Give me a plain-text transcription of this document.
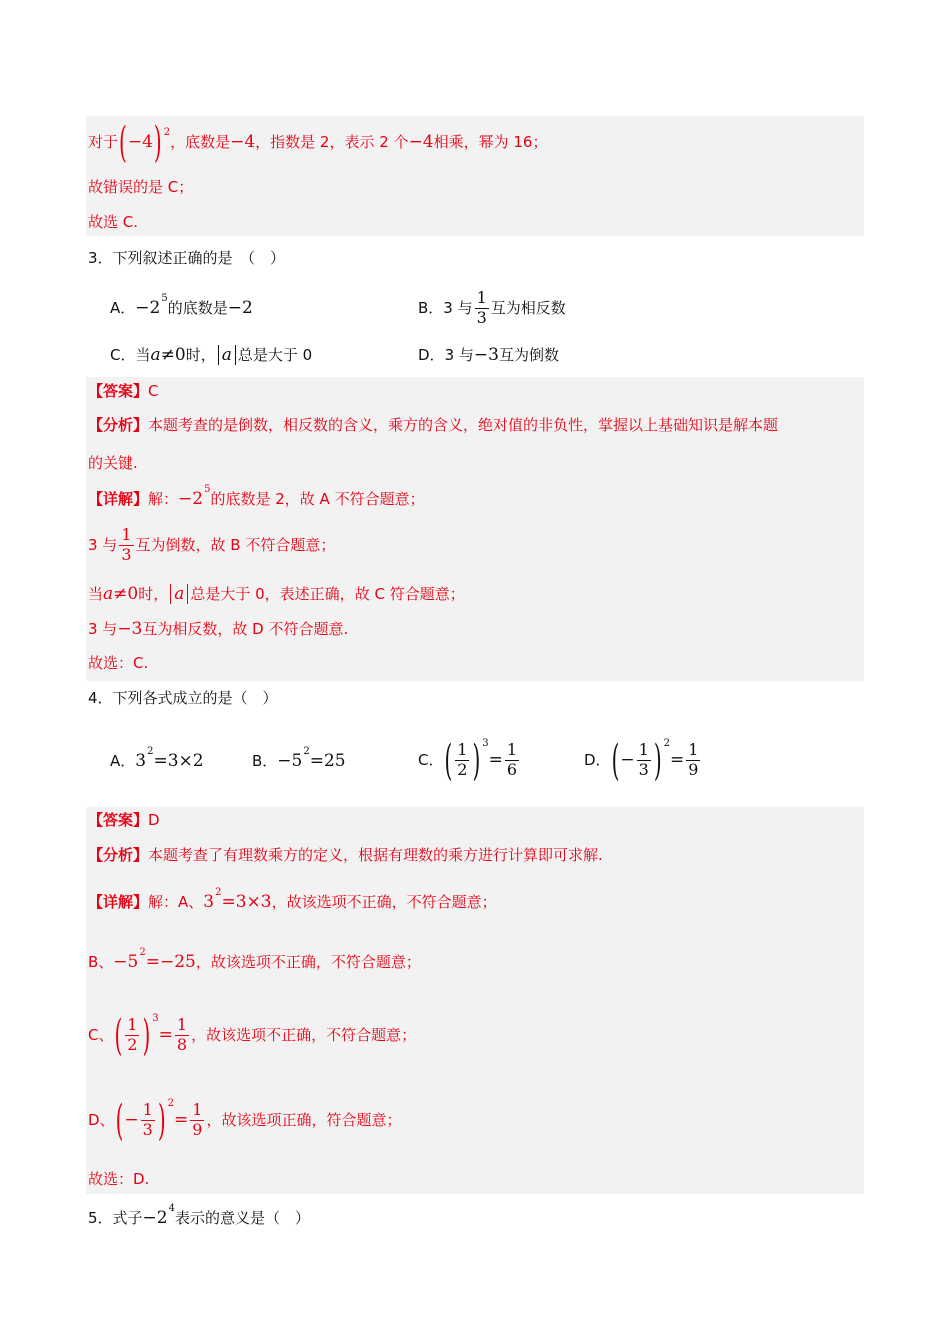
对于 ( −4 ) 2 ，底数是 −4 ，指数是 2，表示 2 个 −4 相乘，幂为 16；
故错误的是 C；
故选 C.
3．下列叙述正确的是　（　）
A． −2 5 的底数是 −2	B． 3 与 $\frac{1}{3}$ 互为相反数
C． 当 a ≠0 时， a 总是大于 0	D． 3 与 −3 互为倒数
【答案】 C
【分析】 本题考查的是倒数，相反数的含义，乘方的含义，绝对值的非负性，掌握以上基础知识是解本题
的关键.
【详解】 解： −2 5 的底数是 2，故 A 不符合题意；
3 与 $\frac{1}{3}$ 互为倒数，故 B 不符合题意；
当 a ≠0 时， a 总是大于 0，表述正确，故 C 符合题意；
3 与 −3 互为相反数，故 D 不符合题意.
故选：C.
4．下列各式成立的是（　）
A． 3 2 =3×2	B． −5 2 =25	C． ( $\frac{1}{2}$ ) 3
= $\frac{1}{6}$	D． ( − $\frac{1}{3}$ ) 2
= $\frac{1}{9}$
【答案】 D
【分析】 本题考查了有理数乘方的定义，根据有理数的乘方进行计算即可求解.
【详解】 解：A、 3 2 =3×3 ，故该选项不正确，不符合题意；
B、 −5 2 =−25 ，故该选项不正确，不符合题意；
C、 ( $\frac{1}{2}$ ) 3
= $\frac{1}{8}$ ，故该选项不正确，不符合题意；
D、 ( − $\frac{1}{3}$ ) 2
= $\frac{1}{9}$ ，故该选项正确，符合题意；
故选：D.
5．式子 −2 4 表示的意义是（　）
